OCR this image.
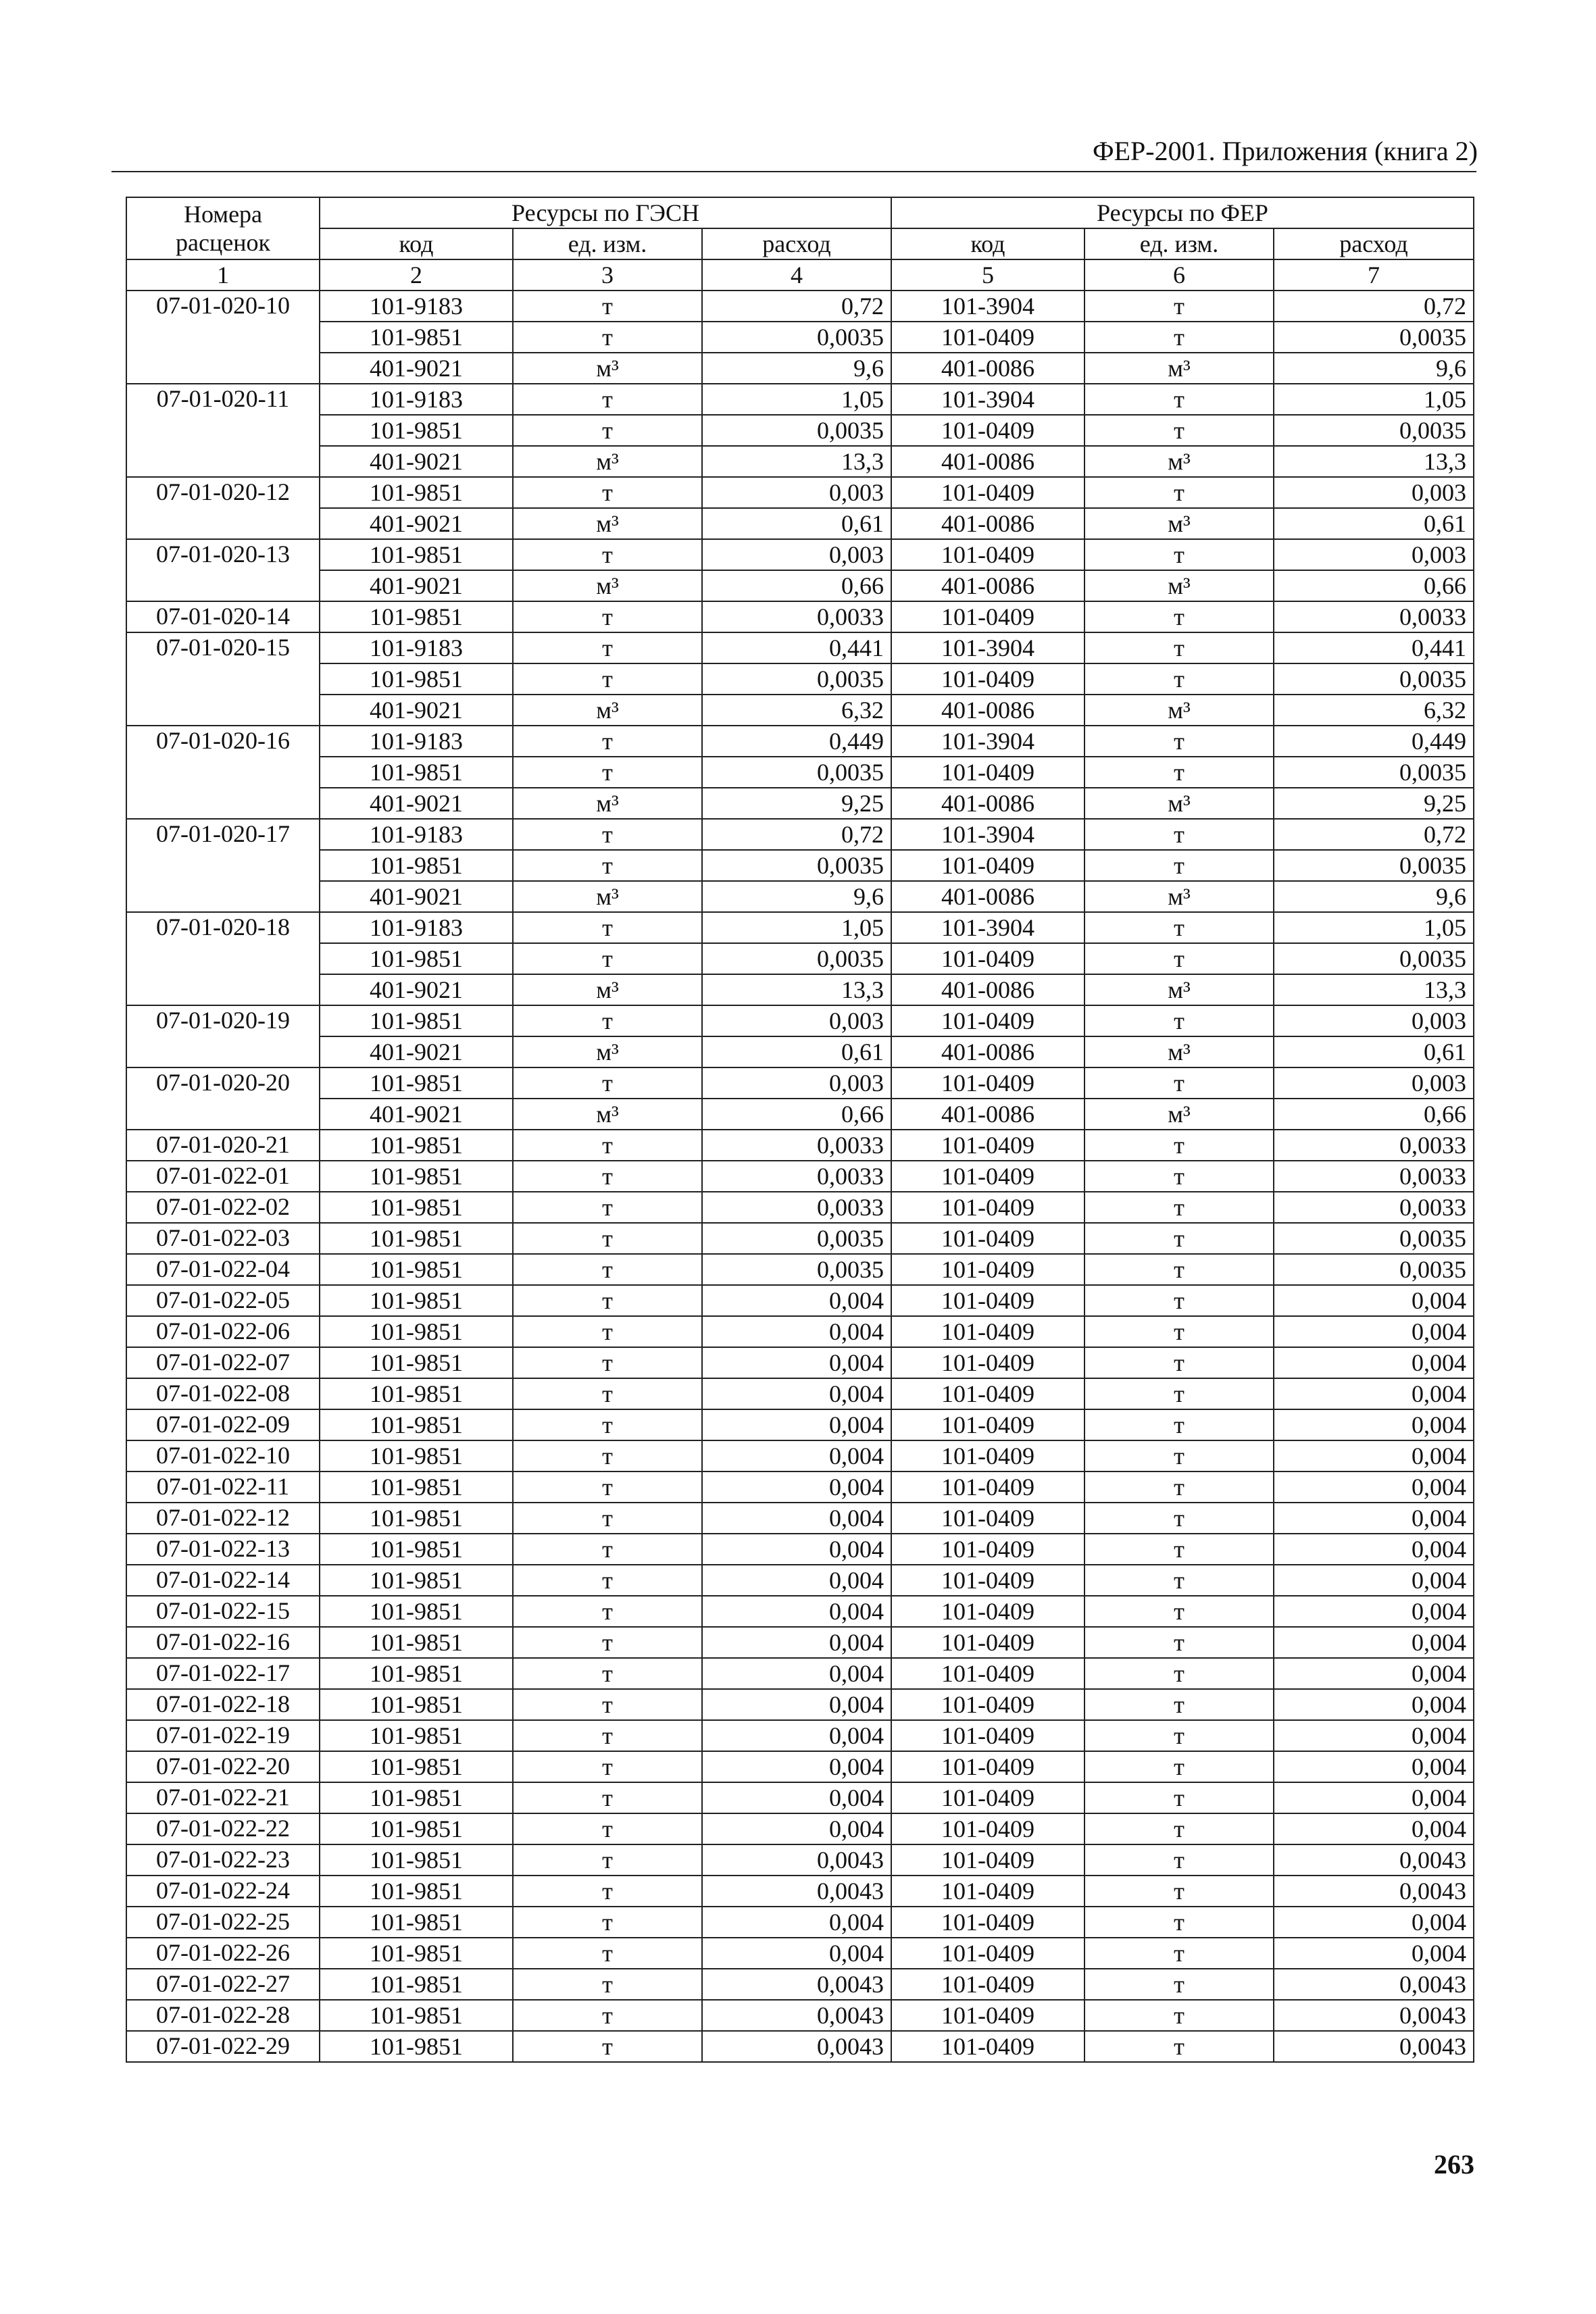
ФЕР-2001. Приложения (книга 2)
Номера расценок	Ресурсы по ГЭСН			Ресурсы по ФЕР		
	код	ед. изм.	расход	код	ед. изм.	расход
1	2	3	4	5	6	7
07-01-020-10	101-9183	т	0,72	101-3904	т	0,72
	101-9851	т	0,0035	101-0409	т	0,0035
	401-9021	м³	9,6	401-0086	м³	9,6
07-01-020-11	101-9183	т	1,05	101-3904	т	1,05
	101-9851	т	0,0035	101-0409	т	0,0035
	401-9021	м³	13,3	401-0086	м³	13,3
07-01-020-12	101-9851	т	0,003	101-0409	т	0,003
	401-9021	м³	0,61	401-0086	м³	0,61
07-01-020-13	101-9851	т	0,003	101-0409	т	0,003
	401-9021	м³	0,66	401-0086	м³	0,66
07-01-020-14	101-9851	т	0,0033	101-0409	т	0,0033
07-01-020-15	101-9183	т	0,441	101-3904	т	0,441
	101-9851	т	0,0035	101-0409	т	0,0035
	401-9021	м³	6,32	401-0086	м³	6,32
07-01-020-16	101-9183	т	0,449	101-3904	т	0,449
	101-9851	т	0,0035	101-0409	т	0,0035
	401-9021	м³	9,25	401-0086	м³	9,25
07-01-020-17	101-9183	т	0,72	101-3904	т	0,72
	101-9851	т	0,0035	101-0409	т	0,0035
	401-9021	м³	9,6	401-0086	м³	9,6
07-01-020-18	101-9183	т	1,05	101-3904	т	1,05
	101-9851	т	0,0035	101-0409	т	0,0035
	401-9021	м³	13,3	401-0086	м³	13,3
07-01-020-19	101-9851	т	0,003	101-0409	т	0,003
	401-9021	м³	0,61	401-0086	м³	0,61
07-01-020-20	101-9851	т	0,003	101-0409	т	0,003
	401-9021	м³	0,66	401-0086	м³	0,66
07-01-020-21	101-9851	т	0,0033	101-0409	т	0,0033
07-01-022-01	101-9851	т	0,0033	101-0409	т	0,0033
07-01-022-02	101-9851	т	0,0033	101-0409	т	0,0033
07-01-022-03	101-9851	т	0,0035	101-0409	т	0,0035
07-01-022-04	101-9851	т	0,0035	101-0409	т	0,0035
07-01-022-05	101-9851	т	0,004	101-0409	т	0,004
07-01-022-06	101-9851	т	0,004	101-0409	т	0,004
07-01-022-07	101-9851	т	0,004	101-0409	т	0,004
07-01-022-08	101-9851	т	0,004	101-0409	т	0,004
07-01-022-09	101-9851	т	0,004	101-0409	т	0,004
07-01-022-10	101-9851	т	0,004	101-0409	т	0,004
07-01-022-11	101-9851	т	0,004	101-0409	т	0,004
07-01-022-12	101-9851	т	0,004	101-0409	т	0,004
07-01-022-13	101-9851	т	0,004	101-0409	т	0,004
07-01-022-14	101-9851	т	0,004	101-0409	т	0,004
07-01-022-15	101-9851	т	0,004	101-0409	т	0,004
07-01-022-16	101-9851	т	0,004	101-0409	т	0,004
07-01-022-17	101-9851	т	0,004	101-0409	т	0,004
07-01-022-18	101-9851	т	0,004	101-0409	т	0,004
07-01-022-19	101-9851	т	0,004	101-0409	т	0,004
07-01-022-20	101-9851	т	0,004	101-0409	т	0,004
07-01-022-21	101-9851	т	0,004	101-0409	т	0,004
07-01-022-22	101-9851	т	0,004	101-0409	т	0,004
07-01-022-23	101-9851	т	0,0043	101-0409	т	0,0043
07-01-022-24	101-9851	т	0,0043	101-0409	т	0,0043
07-01-022-25	101-9851	т	0,004	101-0409	т	0,004
07-01-022-26	101-9851	т	0,004	101-0409	т	0,004
07-01-022-27	101-9851	т	0,0043	101-0409	т	0,0043
07-01-022-28	101-9851	т	0,0043	101-0409	т	0,0043
07-01-022-29	101-9851	т	0,0043	101-0409	т	0,0043
263
